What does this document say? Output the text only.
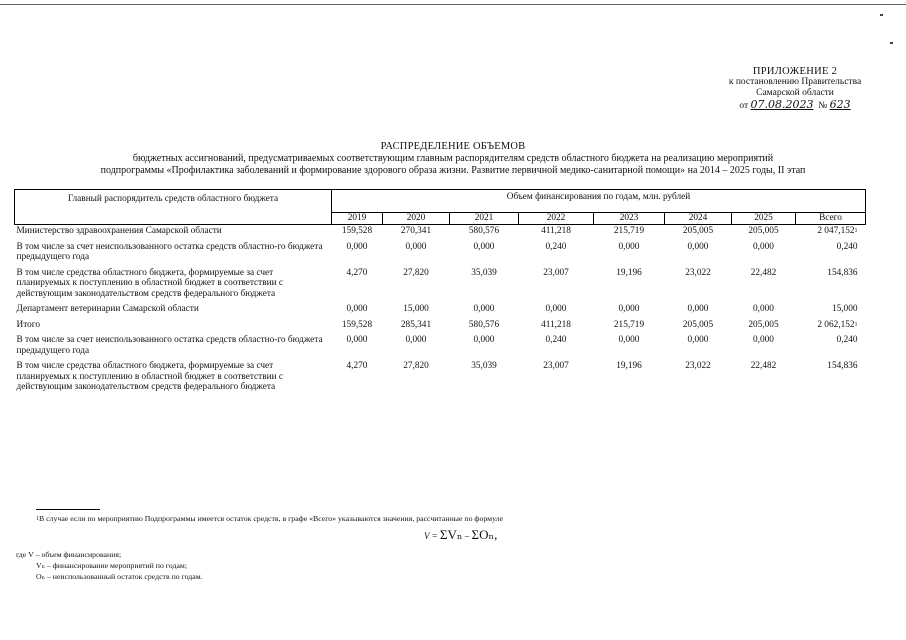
ПРИЛОЖЕНИЕ 2
к постановлению Правительства
Самарской области
от 07.08.2023 № 623
РАСПРЕДЕЛЕНИЕ ОБЪЕМОВ
бюджетных ассигнований, предусматриваемых соответствующим главным распорядителям средств областного бюджета на реализацию мероприятий
подпрограммы «Профилактика заболеваний и формирование здорового образа жизни. Развитие первичной медико-санитарной помощи» на 2014 – 2025 годы, II этап
Главный распорядитель средств областного бюджета	Объем финансирования по годам, млн. рублей							
	2019	2020	2021	2022	2023	2024	2025	Всего
Министерство здравоохранения Самарской области	159,528	270,341	580,576	411,218	215,719	205,005	205,005	2 047,152$^1$
В том числе за счет неиспользованного остатка средств областно-го бюджета предыдущего года	0,000	0,000	0,000	0,240	0,000	0,000	0,000	0,240
В том числе средства областного бюджета, формируемые за счет планируемых к поступлению в областной бюджет в соответствии с действующим законодательством средств федерального бюджета	4,270	27,820	35,039	23,007	19,196	23,022	22,482	154,836
Департамент ветеринарии Самарской области	0,000	15,000	0,000	0,000	0,000	0,000	0,000	15,000
Итого	159,528	285,341	580,576	411,218	215,719	205,005	205,005	2 062,152$^1$
В том числе за счет неиспользованного остатка средств областно-го бюджета предыдущего года	0,000	0,000	0,000	0,240	0,000	0,000	0,000	0,240
В том числе средства областного бюджета, формируемые за счет планируемых к поступлению в областной бюджет в соответствии с действующим законодательством средств федерального бюджета	4,270	27,820	35,039	23,007	19,196	23,022	22,482	154,836
$^1$В случае если по мероприятию Подпрограммы имеется остаток средств, в графе «Всего» указываются значения, рассчитанные по формуле
V = ΣVₙ – ΣOₙ,
где V – объем финансирования;
Vₙ – финансирование мероприятий по годам;
Oₙ – неиспользованный остаток средств по годам.
